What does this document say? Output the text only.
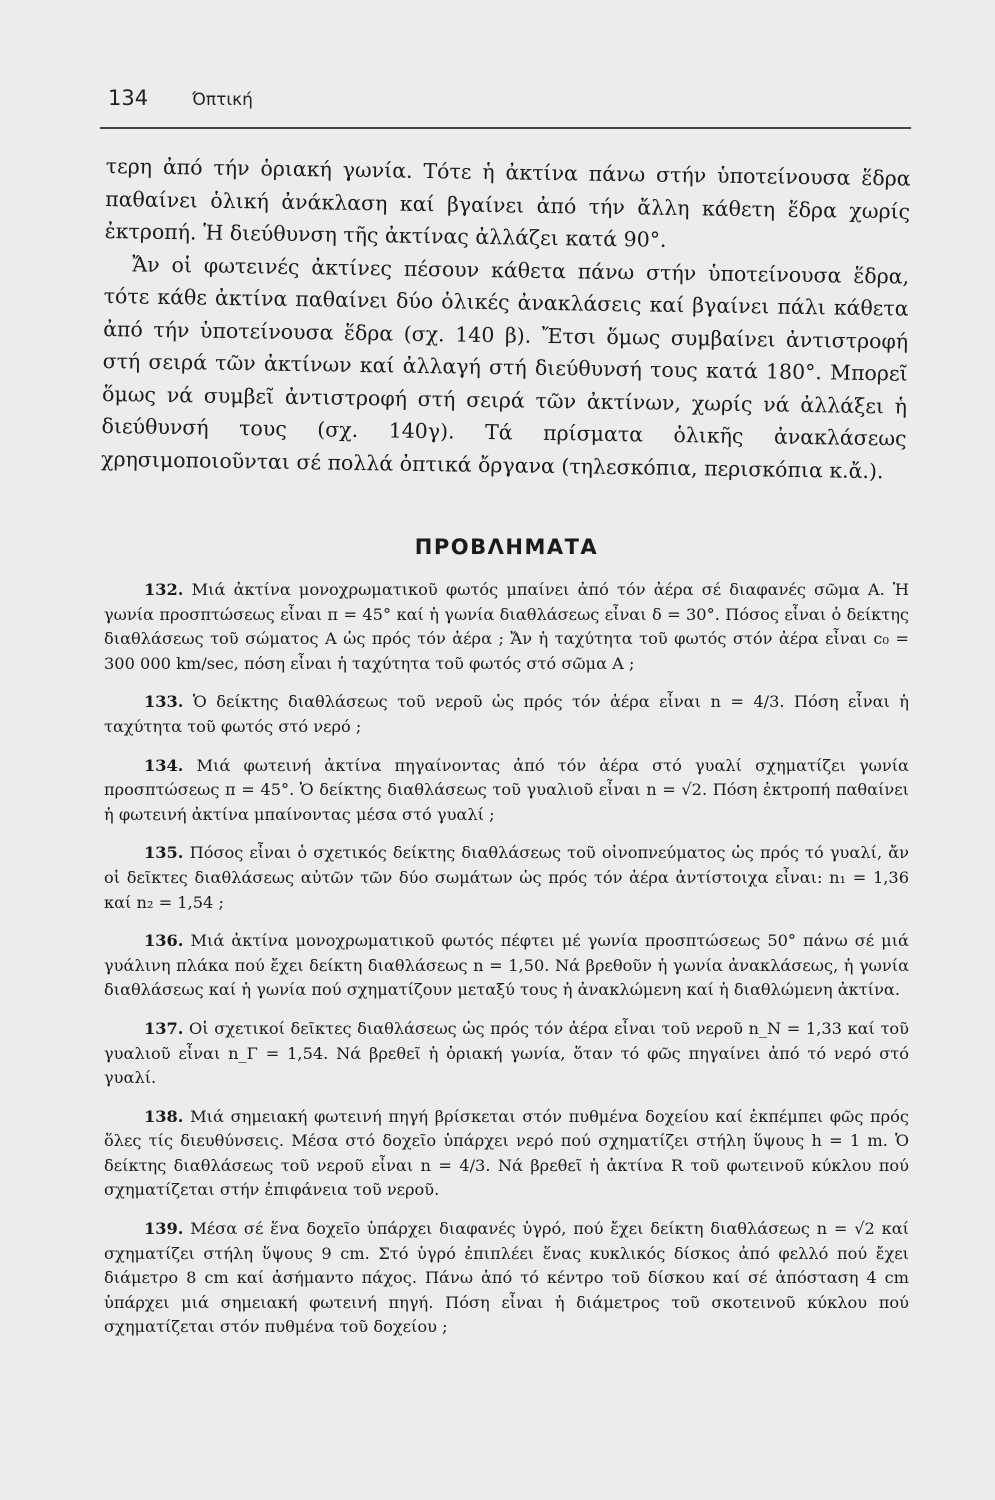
134	Όπτική

τερη ἀπό τήν ὁριακή γωνία. Τότε ἡ ἀκτίνα πάνω στήν ὑποτείνουσα ἕδρα παθαίνει ὁλική ἀνάκλαση καί βγαίνει ἀπό τήν ἄλλη κάθετη ἕδρα χωρίς ἐκτροπή. Ἡ διεύθυνση τῆς ἀκτίνας ἀλλάζει κατά 90°.

Ἄν οἱ φωτεινές ἀκτίνες πέσουν κάθετα πάνω στήν ὑποτείνουσα ἕδρα, τότε κάθε ἀκτίνα παθαίνει δύο ὁλικές ἀνακλάσεις καί βγαίνει πάλι κάθετα ἀπό τήν ὑποτείνουσα ἕδρα (σχ. 140 β). Ἔτσι ὅμως συμβαίνει ἀντιστροφή στή σειρά τῶν ἀκτίνων καί ἀλλαγή στή διεύθυνσή τους κατά 180°. Μπορεῖ ὅμως νά συμβεῖ ἀντιστροφή στή σειρά τῶν ἀκτίνων, χωρίς νά ἀλλάξει ἡ διεύθυνσή τους (σχ. 140γ). Τά πρίσματα ὁλικῆς ἀνακλάσεως χρησιμοποιοῦνται σέ πολλά ὀπτικά ὄργανα (τηλεσκόπια, περισκόπια κ.ἄ.).

ΠΡΟΒΛΗΜΑΤΑ

132. Μιά ἀκτίνα μονοχρωματικοῦ φωτός μπαίνει ἀπό τόν ἀέρα σέ διαφανές σῶμα Α. Ἡ γωνία προσπτώσεως εἶναι π = 45° καί ἡ γωνία διαθλάσεως εἶναι δ = 30°. Πόσος εἶναι ὁ δείκτης διαθλάσεως τοῦ σώματος Α ὡς πρός τόν ἀέρα ; Ἄν ἡ ταχύτητα τοῦ φωτός στόν ἀέρα εἶναι c₀ = 300 000 km/sec, πόση εἶναι ἡ ταχύτητα τοῦ φωτός στό σῶμα Α ;

133. Ὁ δείκτης διαθλάσεως τοῦ νεροῦ ὡς πρός τόν ἀέρα εἶναι n = 4/3. Πόση εἶναι ἡ ταχύτητα τοῦ φωτός στό νερό ;

134. Μιά φωτεινή ἀκτίνα πηγαίνοντας ἀπό τόν ἀέρα στό γυαλί σχηματίζει γωνία προσπτώσεως π = 45°. Ὁ δείκτης διαθλάσεως τοῦ γυαλιοῦ εἶναι n = √2. Πόση ἐκτροπή παθαίνει ἡ φωτεινή ἀκτίνα μπαίνοντας μέσα στό γυαλί ;

135. Πόσος εἶναι ὁ σχετικός δείκτης διαθλάσεως τοῦ οἰνοπνεύματος ὡς πρός τό γυαλί, ἄν οἱ δεῖκτες διαθλάσεως αὐτῶν τῶν δύο σωμάτων ὡς πρός τόν ἀέρα ἀντίστοιχα εἶναι: n₁ = 1,36 καί n₂ = 1,54 ;

136. Μιά ἀκτίνα μονοχρωματικοῦ φωτός πέφτει μέ γωνία προσπτώσεως 50° πάνω σέ μιά γυάλινη πλάκα πού ἔχει δείκτη διαθλάσεως n = 1,50. Νά βρεθοῦν ἡ γωνία ἀνακλάσεως, ἡ γωνία διαθλάσεως καί ἡ γωνία πού σχηματίζουν μεταξύ τους ἡ ἀνακλώμενη καί ἡ διαθλώμενη ἀκτίνα.

137. Οἱ σχετικοί δεῖκτες διαθλάσεως ὡς πρός τόν ἀέρα εἶναι τοῦ νεροῦ n_N = 1,33 καί τοῦ γυαλιοῦ εἶναι n_Γ = 1,54. Νά βρεθεῖ ἡ ὁριακή γωνία, ὅταν τό φῶς πηγαίνει ἀπό τό νερό στό γυαλί.

138. Μιά σημειακή φωτεινή πηγή βρίσκεται στόν πυθμένα δοχείου καί ἐκπέμπει φῶς πρός ὅλες τίς διευθύνσεις. Μέσα στό δοχεῖο ὑπάρχει νερό πού σχηματίζει στήλη ὕψους h = 1 m. Ὁ δείκτης διαθλάσεως τοῦ νεροῦ εἶναι n = 4/3. Νά βρεθεῖ ἡ ἀκτίνα R τοῦ φωτεινοῦ κύκλου πού σχηματίζεται στήν ἐπιφάνεια τοῦ νεροῦ.

139. Μέσα σέ ἕνα δοχεῖο ὑπάρχει διαφανές ὑγρό, πού ἔχει δείκτη διαθλάσεως n = √2 καί σχηματίζει στήλη ὕψους 9 cm. Στό ὑγρό ἐπιπλέει ἕνας κυκλικός δίσκος ἀπό φελλό πού ἔχει διάμετρο 8 cm καί ἀσήμαντο πάχος. Πάνω ἀπό τό κέντρο τοῦ δίσκου καί σέ ἀπόσταση 4 cm ὑπάρχει μιά σημειακή φωτεινή πηγή. Πόση εἶναι ἡ διάμετρος τοῦ σκοτεινοῦ κύκλου πού σχηματίζεται στόν πυθμένα τοῦ δοχείου ;
